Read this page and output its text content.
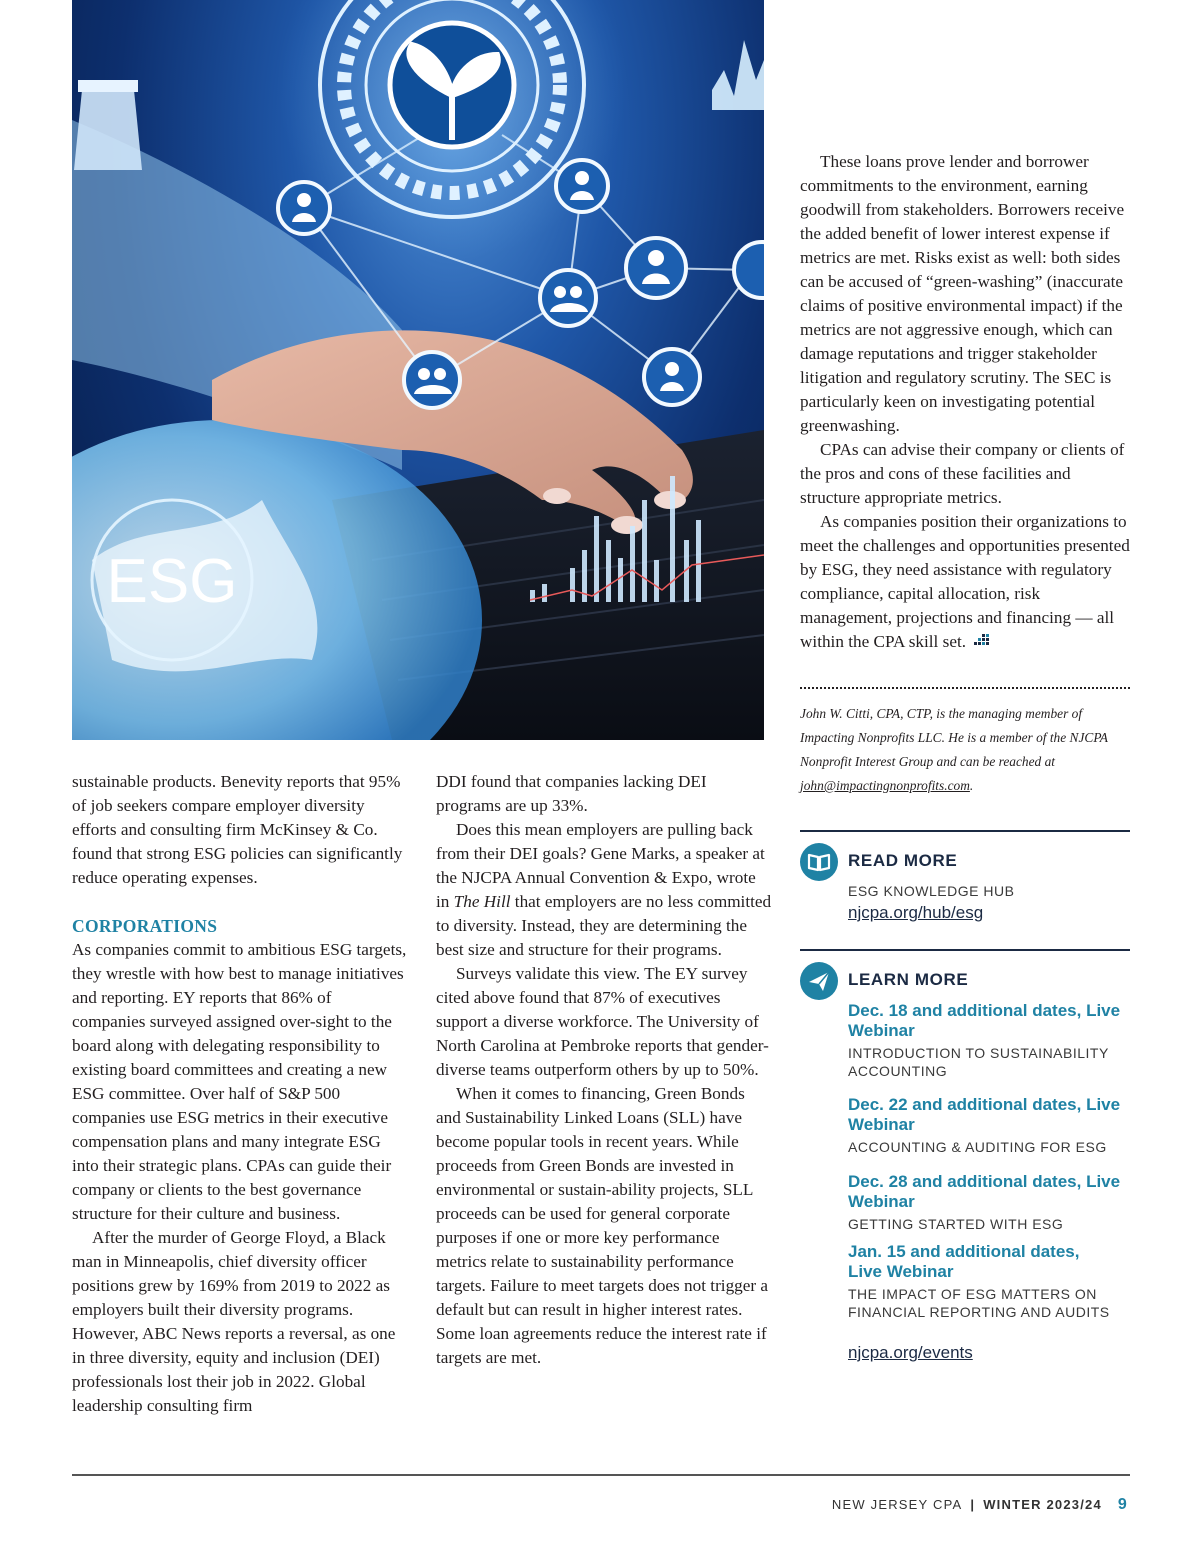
ESG

sustainable products. Benevity reports that 95% of job seekers compare employer diversity efforts and consulting firm McKinsey & Co. found that strong ESG policies can significantly reduce operating expenses.

CORPORATIONS

As companies commit to ambitious ESG targets, they wrestle with how best to manage initiatives and reporting. EY reports that 86% of companies surveyed assigned over-sight to the board along with delegating responsibility to existing board committees and creating a new ESG committee. Over half of S&P 500 companies use ESG metrics in their executive compensation plans and many integrate ESG into their strategic plans. CPAs can guide their company or clients to the best governance structure for their culture and business.

After the murder of George Floyd, a Black man in Minneapolis, chief diversity officer positions grew by 169% from 2019 to 2022 as employers built their diversity programs. However, ABC News reports a reversal, as one in three diversity, equity and inclusion (DEI) professionals lost their job in 2022. Global leadership consulting firm

DDI found that companies lacking DEI programs are up 33%.

Does this mean employers are pulling back from their DEI goals? Gene Marks, a speaker at the NJCPA Annual Convention & Expo, wrote in The Hill that employers are no less committed to diversity. Instead, they are determining the best size and structure for their programs.

Surveys validate this view. The EY survey cited above found that 87% of executives support a diverse workforce. The University of North Carolina at Pembroke reports that gender-diverse teams outperform others by up to 50%.

When it comes to financing, Green Bonds and Sustainability Linked Loans (SLL) have become popular tools in recent years. While proceeds from Green Bonds are invested in environmental or sustain-ability projects, SLL proceeds can be used for general corporate purposes if one or more key performance metrics relate to sustainability performance targets. Failure to meet targets does not trigger a default but can result in higher interest rates. Some loan agreements reduce the interest rate if targets are met.

These loans prove lender and borrower commitments to the environment, earning goodwill from stakeholders. Borrowers receive the added benefit of lower interest expense if metrics are met. Risks exist as well: both sides can be accused of “green-washing” (inaccurate claims of positive environmental impact) if the metrics are not aggressive enough, which can damage reputations and trigger stakeholder litigation and regulatory scrutiny. The SEC is particularly keen on investigating potential greenwashing.

CPAs can advise their company or clients of the pros and cons of these facilities and structure appropriate metrics.

As companies position their organizations to meet the challenges and opportunities presented by ESG, they need assistance with regulatory compliance, capital allocation, risk management, projections and financing — all within the CPA skill set.

John W. Citti, CPA, CTP, is the managing member of Impacting Nonprofits LLC. He is a member of the NJCPA Nonprofit Interest Group and can be reached at john@impactingnonprofits.com.
READ MORE
ESG KNOWLEDGE HUB
njcpa.org/hub/esg
LEARN MORE
Dec. 18 and additional dates, Live Webinar
INTRODUCTION TO SUSTAINABILITY ACCOUNTING
Dec. 22 and additional dates, Live Webinar
ACCOUNTING & AUDITING FOR ESG
Dec. 28 and additional dates, Live Webinar
GETTING STARTED WITH ESG
Jan. 15 and additional dates, Live Webinar
THE IMPACT OF ESG MATTERS ON FINANCIAL REPORTING AND AUDITS
njcpa.org/events
NEW JERSEY CPA | WINTER 2023/24 9
